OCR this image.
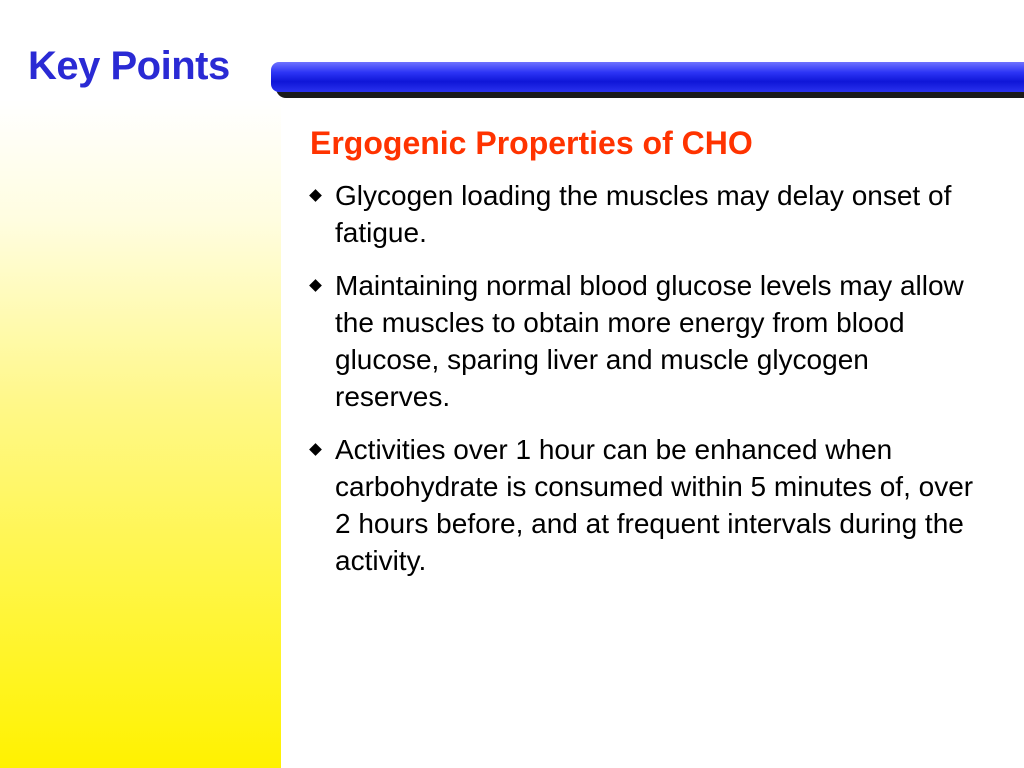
Key Points
Ergogenic Properties of CHO
Glycogen loading the muscles may delay onset of fatigue.
Maintaining normal blood glucose levels may allow the muscles to obtain more energy from blood glucose, sparing liver and muscle glycogen reserves.
Activities over 1 hour can be enhanced when carbohydrate is consumed within 5 minutes of, over 2 hours before, and at frequent intervals during the activity.
